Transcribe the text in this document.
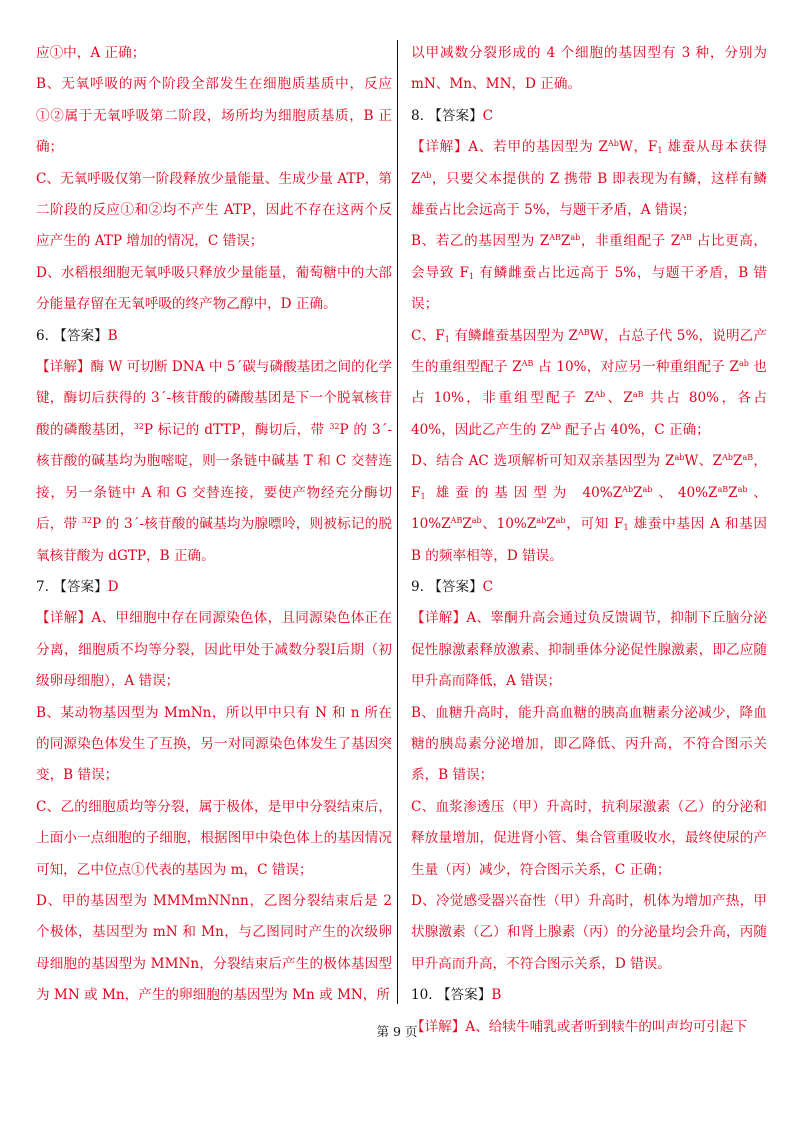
应①中，A 正确；

B、无氧呼吸的两个阶段全部发生在细胞质基质中，反应①②属于无氧呼吸第二阶段，场所均为细胞质基质，B 正确；

C、无氧呼吸仅第一阶段释放少量能量、生成少量 ATP，第二阶段的反应①和②均不产生 ATP，因此不存在这两个反应产生的 ATP 增加的情况，C 错误；

D、水稻根细胞无氧呼吸只释放少量能量，葡萄糖中的大部分能量存留在无氧呼吸的终产物乙醇中，D 正确。

6. 【答案】B

【详解】酶 W 可切断 DNA 中 5´碳与磷酸基团之间的化学键，酶切后获得的 3´-核苷酸的磷酸基团是下一个脱氧核苷酸的磷酸基团，$^{32}$P 标记的 dTTP，酶切后，带 $^{32}$P 的 3´-核苷酸的碱基均为胞嘧啶，则一条链中碱基 T 和 C 交替连接，另一条链中 A 和 G 交替连接，要使产物经充分酶切后，带 $^{32}$P 的 3´-核苷酸的碱基均为腺嘌呤，则被标记的脱氧核苷酸为 dGTP，B 正确。

7. 【答案】D

【详解】A、甲细胞中存在同源染色体，且同源染色体正在分离，细胞质不均等分裂，因此甲处于减数分裂Ⅰ后期（初级卵母细胞），A 错误；

B、某动物基因型为 MmNn，所以甲中只有 N 和 n 所在的同源染色体发生了互换，另一对同源染色体发生了基因突变，B 错误；

C、乙的细胞质均等分裂，属于极体，是甲中分裂结束后，上面小一点细胞的子细胞，根据图甲中染色体上的基因情况可知，乙中位点①代表的基因为 m，C 错误；

D、甲的基因型为 MMMmNNnn，乙图分裂结束后是 2 个极体，基因型为 mN 和 Mn，与乙图同时产生的次级卵母细胞的基因型为 MMNn，分裂结束后产生的极体基因型为 MN 或 Mn，产生的卵细胞的基因型为 Mn 或 MN，所

以甲减数分裂形成的 4 个细胞的基因型有 3 种，分别为 mN、Mn、MN，D 正确。

8. 【答案】C

【详解】A、若甲的基因型为 $Z^{Ab}W$，$F_1$ 雄蚕从母本获得 $Z^{Ab}$，只要父本提供的 Z 携带 B 即表现为有鳞，这样有鳞雄蚕占比会远高于 5%，与题干矛盾，A 错误；

B、若乙的基因型为 $Z^{AB}Z^{ab}$，非重组配子 $Z^{AB}$ 占比更高，会导致 $F_1$ 有鳞雌蚕占比远高于 5%，与题干矛盾，B 错误；

C、$F_1$ 有鳞雌蚕基因型为 $Z^{AB}W$，占总子代 5%，说明乙产生的重组型配子 $Z^{AB}$ 占 10%，对应另一种重组配子 $Z^{ab}$ 也占 10%，非重组型配子 $Z^{Ab}$、$Z^{aB}$ 共占 80%，各占 40%，因此乙产生的 $Z^{Ab}$ 配子占 40%，C 正确；

D、结合 AC 选项解析可知双亲基因型为 $Z^{ab}W$、$Z^{Ab}Z^{aB}$，$F_1$ 雄蚕的基因型为 $40\%Z^{Ab}Z^{ab}$、$40\%Z^{aB}Z^{ab}$、$10\%Z^{AB}Z^{ab}$、$10\%Z^{ab}Z^{ab}$，可知 $F_1$ 雄蚕中基因 A 和基因 B 的频率相等，D 错误。

9. 【答案】C

【详解】A、睾酮升高会通过负反馈调节，抑制下丘脑分泌促性腺激素释放激素、抑制垂体分泌促性腺激素，即乙应随甲升高而降低，A 错误；

B、血糖升高时，能升高血糖的胰高血糖素分泌减少，降血糖的胰岛素分泌增加，即乙降低、丙升高，不符合图示关系，B 错误；

C、血浆渗透压（甲）升高时，抗利尿激素（乙）的分泌和释放量增加，促进肾小管、集合管重吸收水，最终使尿的产生量（丙）减少，符合图示关系，C 正确；

D、冷觉感受器兴奋性（甲）升高时，机体为增加产热，甲状腺激素（乙）和肾上腺素（丙）的分泌量均会升高，丙随甲升高而升高，不符合图示关系，D 错误。

10. 【答案】B

【详解】A、给犊牛哺乳或者听到犊牛的叫声均可引起下

第 9 页
